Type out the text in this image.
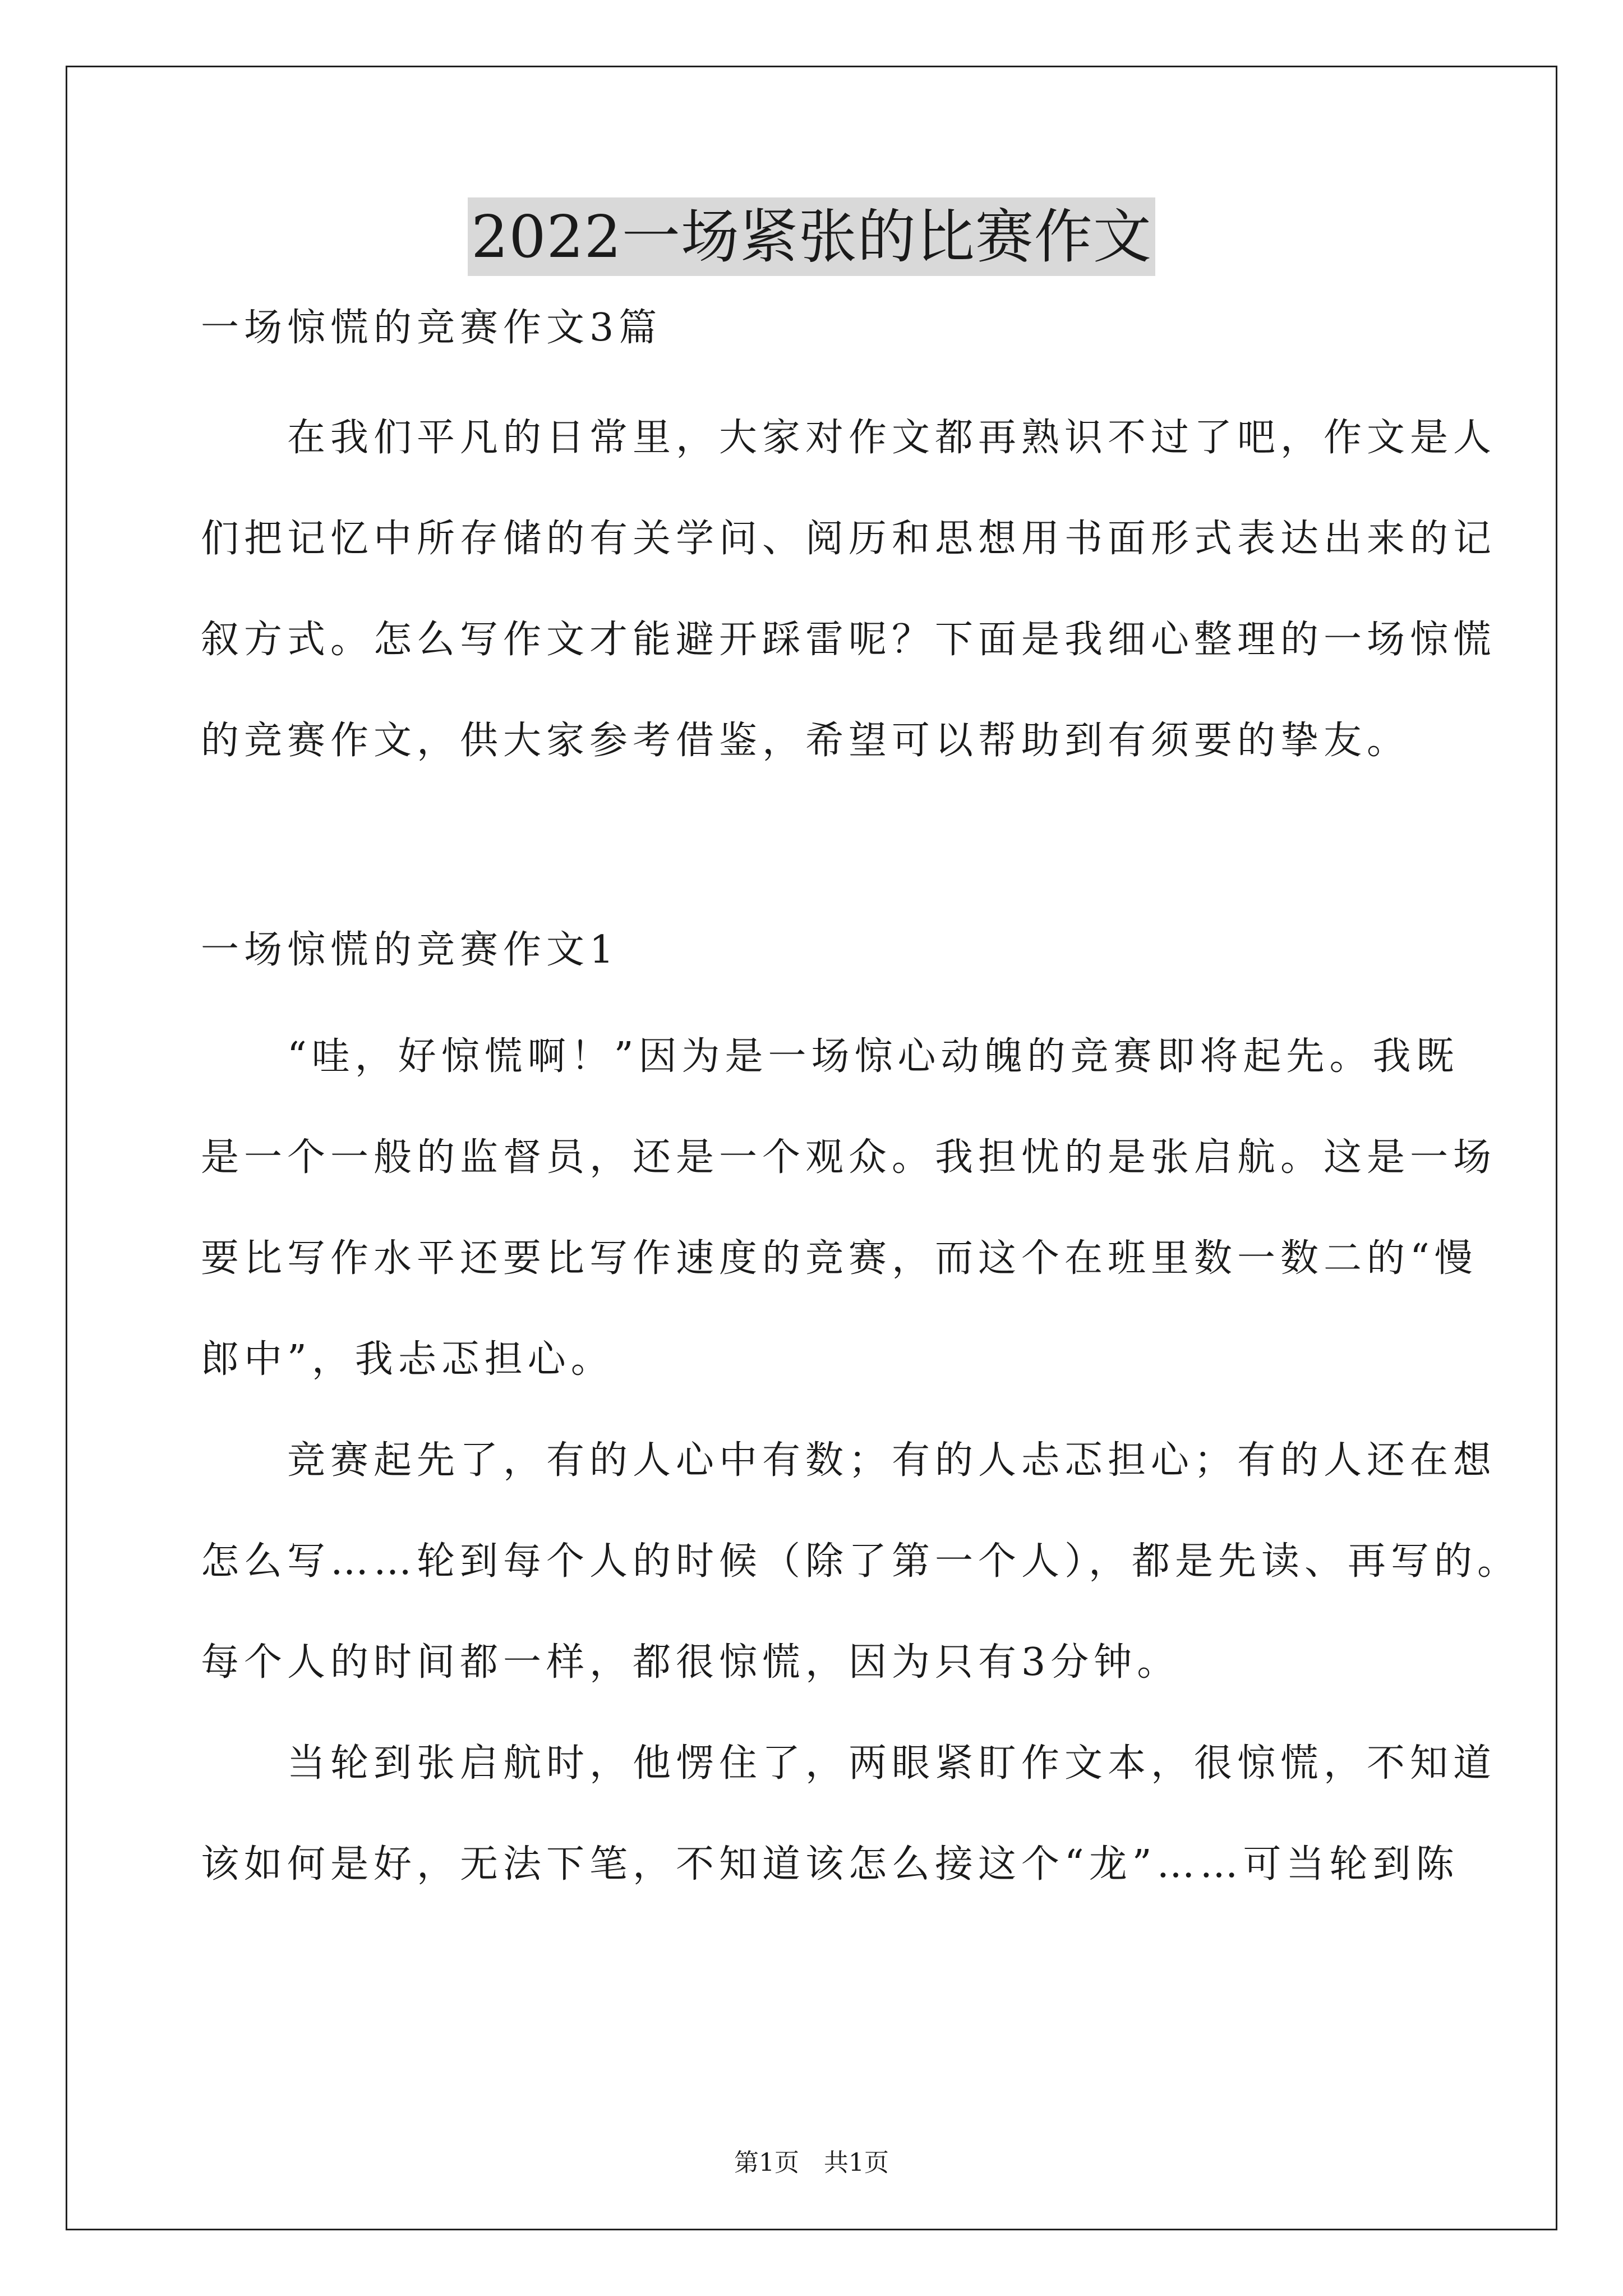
2022一场紧张的比赛作文
一场惊慌的竞赛作文3篇
　　在我们平凡的日常里，大家对作文都再熟识不过了吧，作文是人
们把记忆中所存储的有关学问、阅历和思想用书面形式表达出来的记
叙方式。怎么写作文才能避开踩雷呢？下面是我细心整理的一场惊慌
的竞赛作文，供大家参考借鉴，希望可以帮助到有须要的挚友。
一场惊慌的竞赛作文1
　　“哇，好惊慌啊！”因为是一场惊心动魄的竞赛即将起先。我既
是一个一般的监督员，还是一个观众。我担忧的是张启航。这是一场
要比写作水平还要比写作速度的竞赛，而这个在班里数一数二的“慢
郎中”，我忐忑担心。
　　竞赛起先了，有的人心中有数；有的人忐忑担心；有的人还在想
怎么写……轮到每个人的时候（除了第一个人），都是先读、再写的。
每个人的时间都一样，都很惊慌，因为只有3分钟。
　　当轮到张启航时，他愣住了，两眼紧盯作文本，很惊慌，不知道
该如何是好，无法下笔，不知道该怎么接这个“龙”……可当轮到陈
第1页　共1页
